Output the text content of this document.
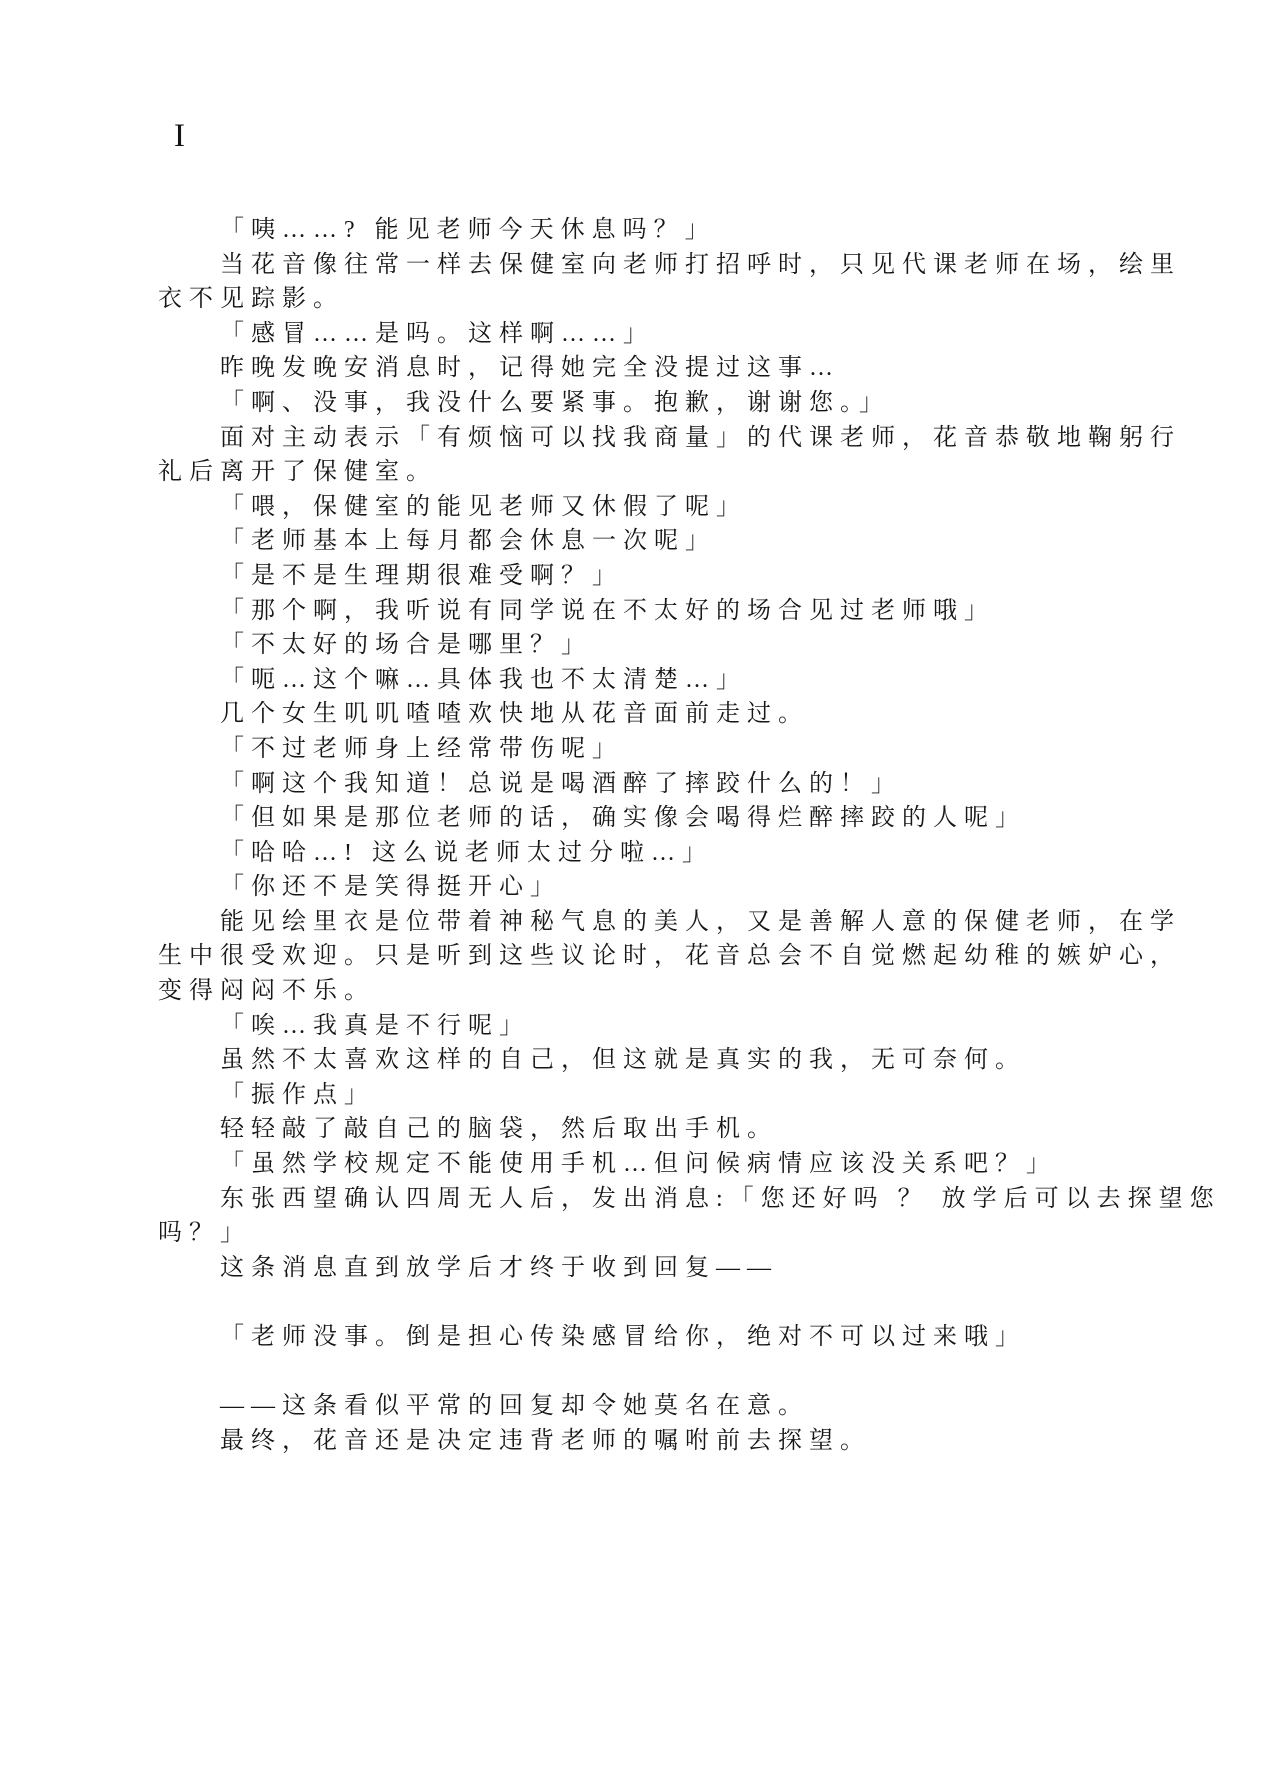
I
「咦……? 能见老师今天休息吗？」
当花音像往常一样去保健室向老师打招呼时，只见代课老师在场，绘里
衣不见踪影。
「感冒……是吗。这样啊……」
昨晚发晚安消息时，记得她完全没提过这事…
「啊、没事，我没什么要紧事。抱歉，谢谢您。」
面对主动表示「有烦恼可以找我商量」的代课老师，花音恭敬地鞠躬行
礼后离开了保健室。
「喂，保健室的能见老师又休假了呢」
「老师基本上每月都会休息一次呢」
「是不是生理期很难受啊？」
「那个啊，我听说有同学说在不太好的场合见过老师哦」
「不太好的场合是哪里？」
「呃…这个嘛…具体我也不太清楚…」
几个女生叽叽喳喳欢快地从花音面前走过。
「不过老师身上经常带伤呢」
「啊这个我知道！总说是喝酒醉了摔跤什么的！」
「但如果是那位老师的话，确实像会喝得烂醉摔跤的人呢」
「哈哈…! 这么说老师太过分啦…」
「你还不是笑得挺开心」
能见绘里衣是位带着神秘气息的美人，又是善解人意的保健老师，在学
生中很受欢迎。只是听到这些议论时，花音总会不自觉燃起幼稚的嫉妒心，
变得闷闷不乐。
「唉…我真是不行呢」
虽然不太喜欢这样的自己，但这就是真实的我，无可奈何。
「振作点」
轻轻敲了敲自己的脑袋，然后取出手机。
「虽然学校规定不能使用手机…但问候病情应该没关系吧？」
东张西望确认四周无人后，发出消息:「您还好吗 ？ 放学后可以去探望您
吗？」
这条消息直到放学后才终于收到回复——

「老师没事。倒是担心传染感冒给你，绝对不可以过来哦」

——这条看似平常的回复却令她莫名在意。
最终，花音还是决定违背老师的嘱咐前去探望。
